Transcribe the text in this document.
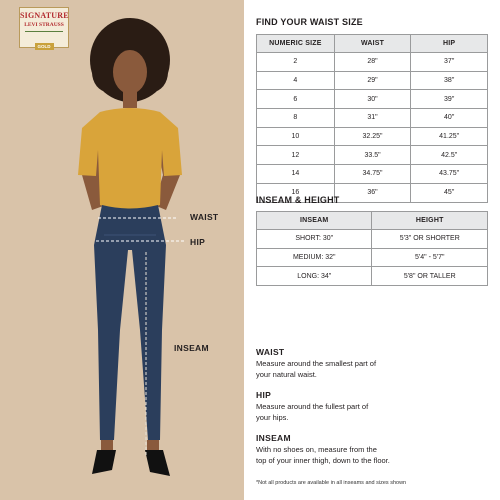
SIGNATURE
LEVI STRAUSS
GOLD
WAIST
HIP
INSEAM
FIND YOUR WAIST SIZE
NUMERIC SIZE	WAIST	HIP
2	28"	37"
4	29"	38"
6	30"	39"
8	31"	40"
10	32.25"	41.25"
12	33.5"	42.5"
14	34.75"	43.75"
16	36"	45"
INSEAM & HEIGHT
INSEAM	HEIGHT
SHORT: 30"	5'3" OR SHORTER
MEDIUM: 32"	5'4" - 5'7"
LONG: 34"	5'8" OR TALLER
WAIST
Measure around the smallest part of
your natural waist.
HIP
Measure around the fullest part of
your hips.
INSEAM
With no shoes on, measure from the
top of your inner thigh, down to the floor.
*Not all products are available in all inseams and sizes shown
